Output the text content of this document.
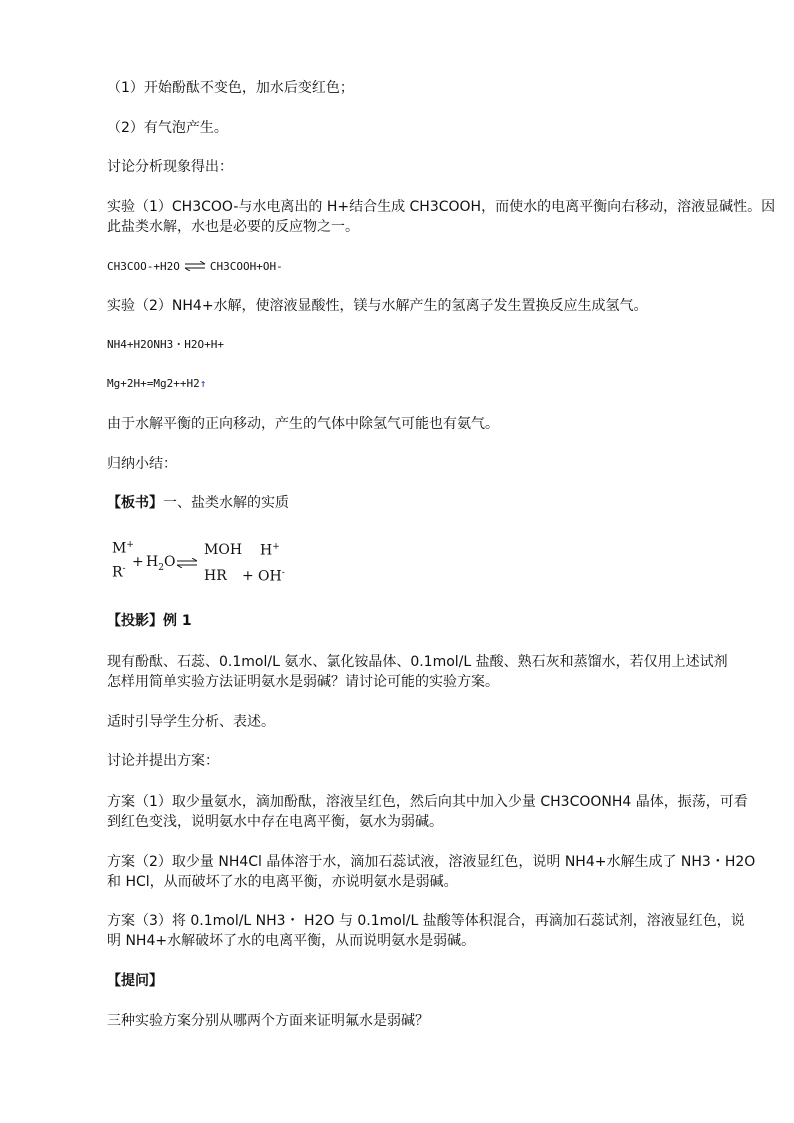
（1）开始酚酞不变色，加水后变红色；
（2）有气泡产生。
讨论分析现象得出：
实验（1）CH3COO-与水电离出的 H+结合生成 CH3COOH，而使水的电离平衡向右移动，溶液显碱性。因
此盐类水解，水也是必要的反应物之一。
CH3COO-+H2O ⇌ CH3COOH+OH-
实验（2）NH4+水解，使溶液显酸性，镁与水解产生的氢离子发生置换反应生成氢气。
NH4+H2ONH3・H2O+H+
Mg+2H+=Mg2++H2↑
由于水解平衡的正向移动，产生的气体中除氢气可能也有氨气。
归纳小结：
【板书】一、盐类水解的实质
M+
$R^- + H_2O$ ⇌
MOH
HR +
H+
OH-
【投影】例 1
现有酚酞、石蕊、0.1mol/L 氨水、氯化铵晶体、0.1mol/L 盐酸、熟石灰和蒸馏水，若仅用上述试剂
怎样用简单实验方法证明氨水是弱碱？请讨论可能的实验方案。
适时引导学生分析、表述。
讨论并提出方案：
方案（1）取少量氨水，滴加酚酞，溶液呈红色，然后向其中加入少量 CH3COONH4 晶体，振荡，可看
到红色变浅，说明氨水中存在电离平衡，氨水为弱碱。
方案（2）取少量 NH4Cl 晶体溶于水，滴加石蕊试液，溶液显红色，说明 NH4+水解生成了 NH3・H2O
和 HCl，从而破坏了水的电离平衡，亦说明氨水是弱碱。
方案（3）将 0.1mol/L NH3・ H2O 与 0.1mol/L 盐酸等体积混合，再滴加石蕊试剂，溶液显红色，说
明 NH4+水解破坏了水的电离平衡，从而说明氨水是弱碱。
【提问】
三种实验方案分别从哪两个方面来证明氟水是弱碱？
